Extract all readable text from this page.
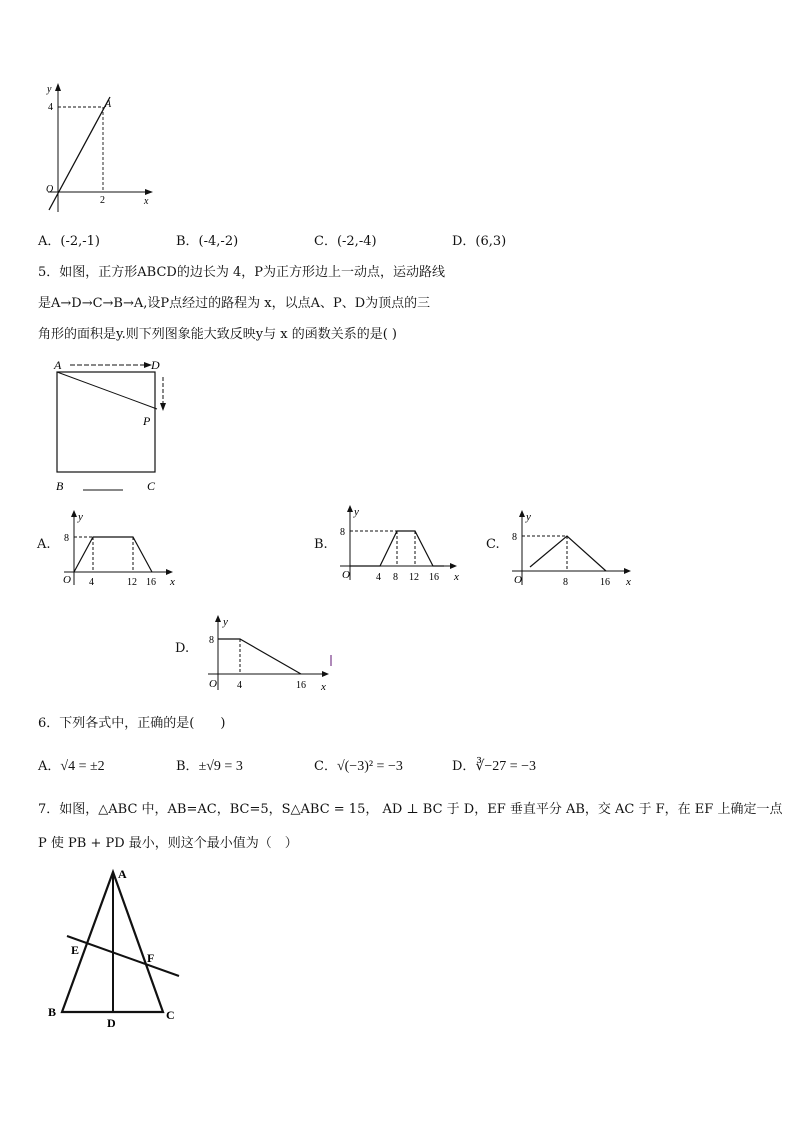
y
x
O
A
4
2
A．(-2,-1)	B．(-4,-2)	C．(-2,-4)	D．(6,3)
5．如图，正方形ABCD的边长为 4，P为正方形边上一动点，运动路线
是A→D→C→B→A,设P点经过的路程为 x，以点A、P、D为顶点的三
角形的面积是y.则下列图象能大致反映y与 x 的函数关系的是( )
A	D
P
B	C
A.
y
x
O
8
4	12 16
B.
y
x
O
8
4 8 12 16
C.
y
x
O
8
8	16
D.
y
x
O
8
4	16
6．下列各式中，正确的是(　　)
A．√4 = ±2	B．±√9 = 3	C．√(−3)² = −3	D．∛−27 = −3
7．如图，△ABC 中，AB=AC，BC=5，S△ABC = 15， AD ⊥ BC 于 D，EF 垂直平分 AB，交 AC 于 F，在 EF 上确定一点
P 使 PB + PD 最小，则这个最小值为（　）
A
B	C
D
E
F
